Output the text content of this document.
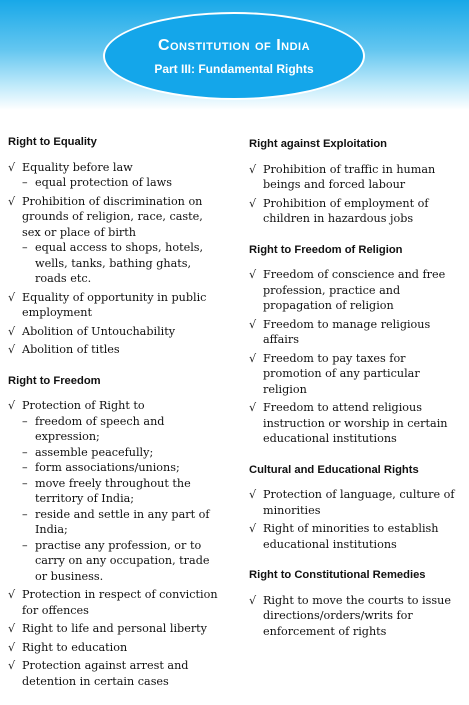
Constitution of India
Part III: Fundamental Rights
Right to Equality
√ Equality before law
– equal protection of laws
√ Prohibition of discrimination on grounds of religion, race, caste, sex or place of birth
– equal access to shops, hotels, wells, tanks, bathing ghats, roads etc.
√ Equality of opportunity in public employment
√ Abolition of Untouchability
√ Abolition of titles
Right to Freedom
√ Protection of Right to
– freedom of speech and expression;
– assemble peacefully;
– form associations/unions;
– move freely throughout the territory of India;
– reside and settle in any part of India;
– practise any profession, or to carry on any occupation, trade or business.
√ Protection in respect of conviction for offences
√ Right to life and personal liberty
√ Right to education
√ Protection against arrest and detention in certain cases
Right against Exploitation
√ Prohibition of traffic in human beings and forced labour
√ Prohibition of employment of children in hazardous jobs
Right to Freedom of Religion
√ Freedom of conscience and free profession, practice and propagation of religion
√ Freedom to manage religious affairs
√ Freedom to pay taxes for promotion of any particular religion
√ Freedom to attend religious instruction or worship in certain educational institutions
Cultural and Educational Rights
√ Protection of language, culture of minorities
√ Right of minorities to establish educational institutions
Right to Constitutional Remedies
√ Right to move the courts to issue directions/orders/writs for enforcement of rights
